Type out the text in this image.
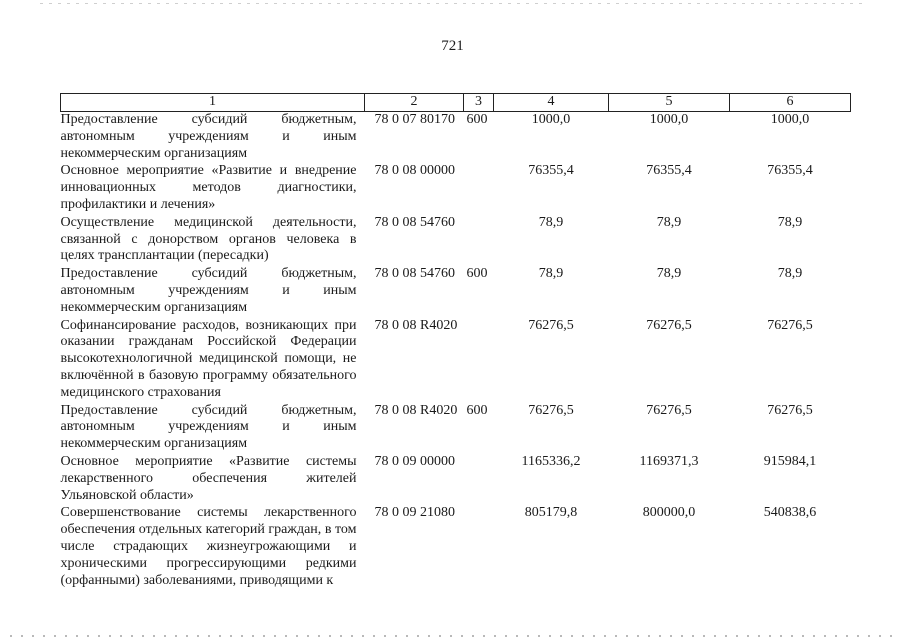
721
1	2	3	4	5	6
Предоставление субсидий бюджетным, автономным учреждениям и иным некоммерческим организациям	78 0 07 80170	600	1000,0	1000,0	1000,0
Основное мероприятие «Развитие и внедрение инновационных методов диагностики, профилактики и лечения»	78 0 08 00000		76355,4	76355,4	76355,4
Осуществление медицинской деятельности, связанной с донорством органов человека в целях трансплантации (пересадки)	78 0 08 54760		78,9	78,9	78,9
Предоставление субсидий бюджетным, автономным учреждениям и иным некоммерческим организациям	78 0 08 54760	600	78,9	78,9	78,9
Софинансирование расходов, возникающих при оказании гражданам Российской Федерации высокотехнологичной медицинской помощи, не включённой в базовую программу обязательного медицинского страхования	78 0 08 R4020		76276,5	76276,5	76276,5
Предоставление субсидий бюджетным, автономным учреждениям и иным некоммерческим организациям	78 0 08 R4020	600	76276,5	76276,5	76276,5
Основное мероприятие «Развитие системы лекарственного обеспечения жителей Ульяновской области»	78 0 09 00000		1165336,2	1169371,3	915984,1
Совершенствование системы лекарственного обеспечения отдельных категорий граждан, в том числе страдающих жизнеугрожающими и хроническими прогрессирующими редкими (орфанными) заболеваниями, приводящими к	78 0 09 21080		805179,8	800000,0	540838,6
